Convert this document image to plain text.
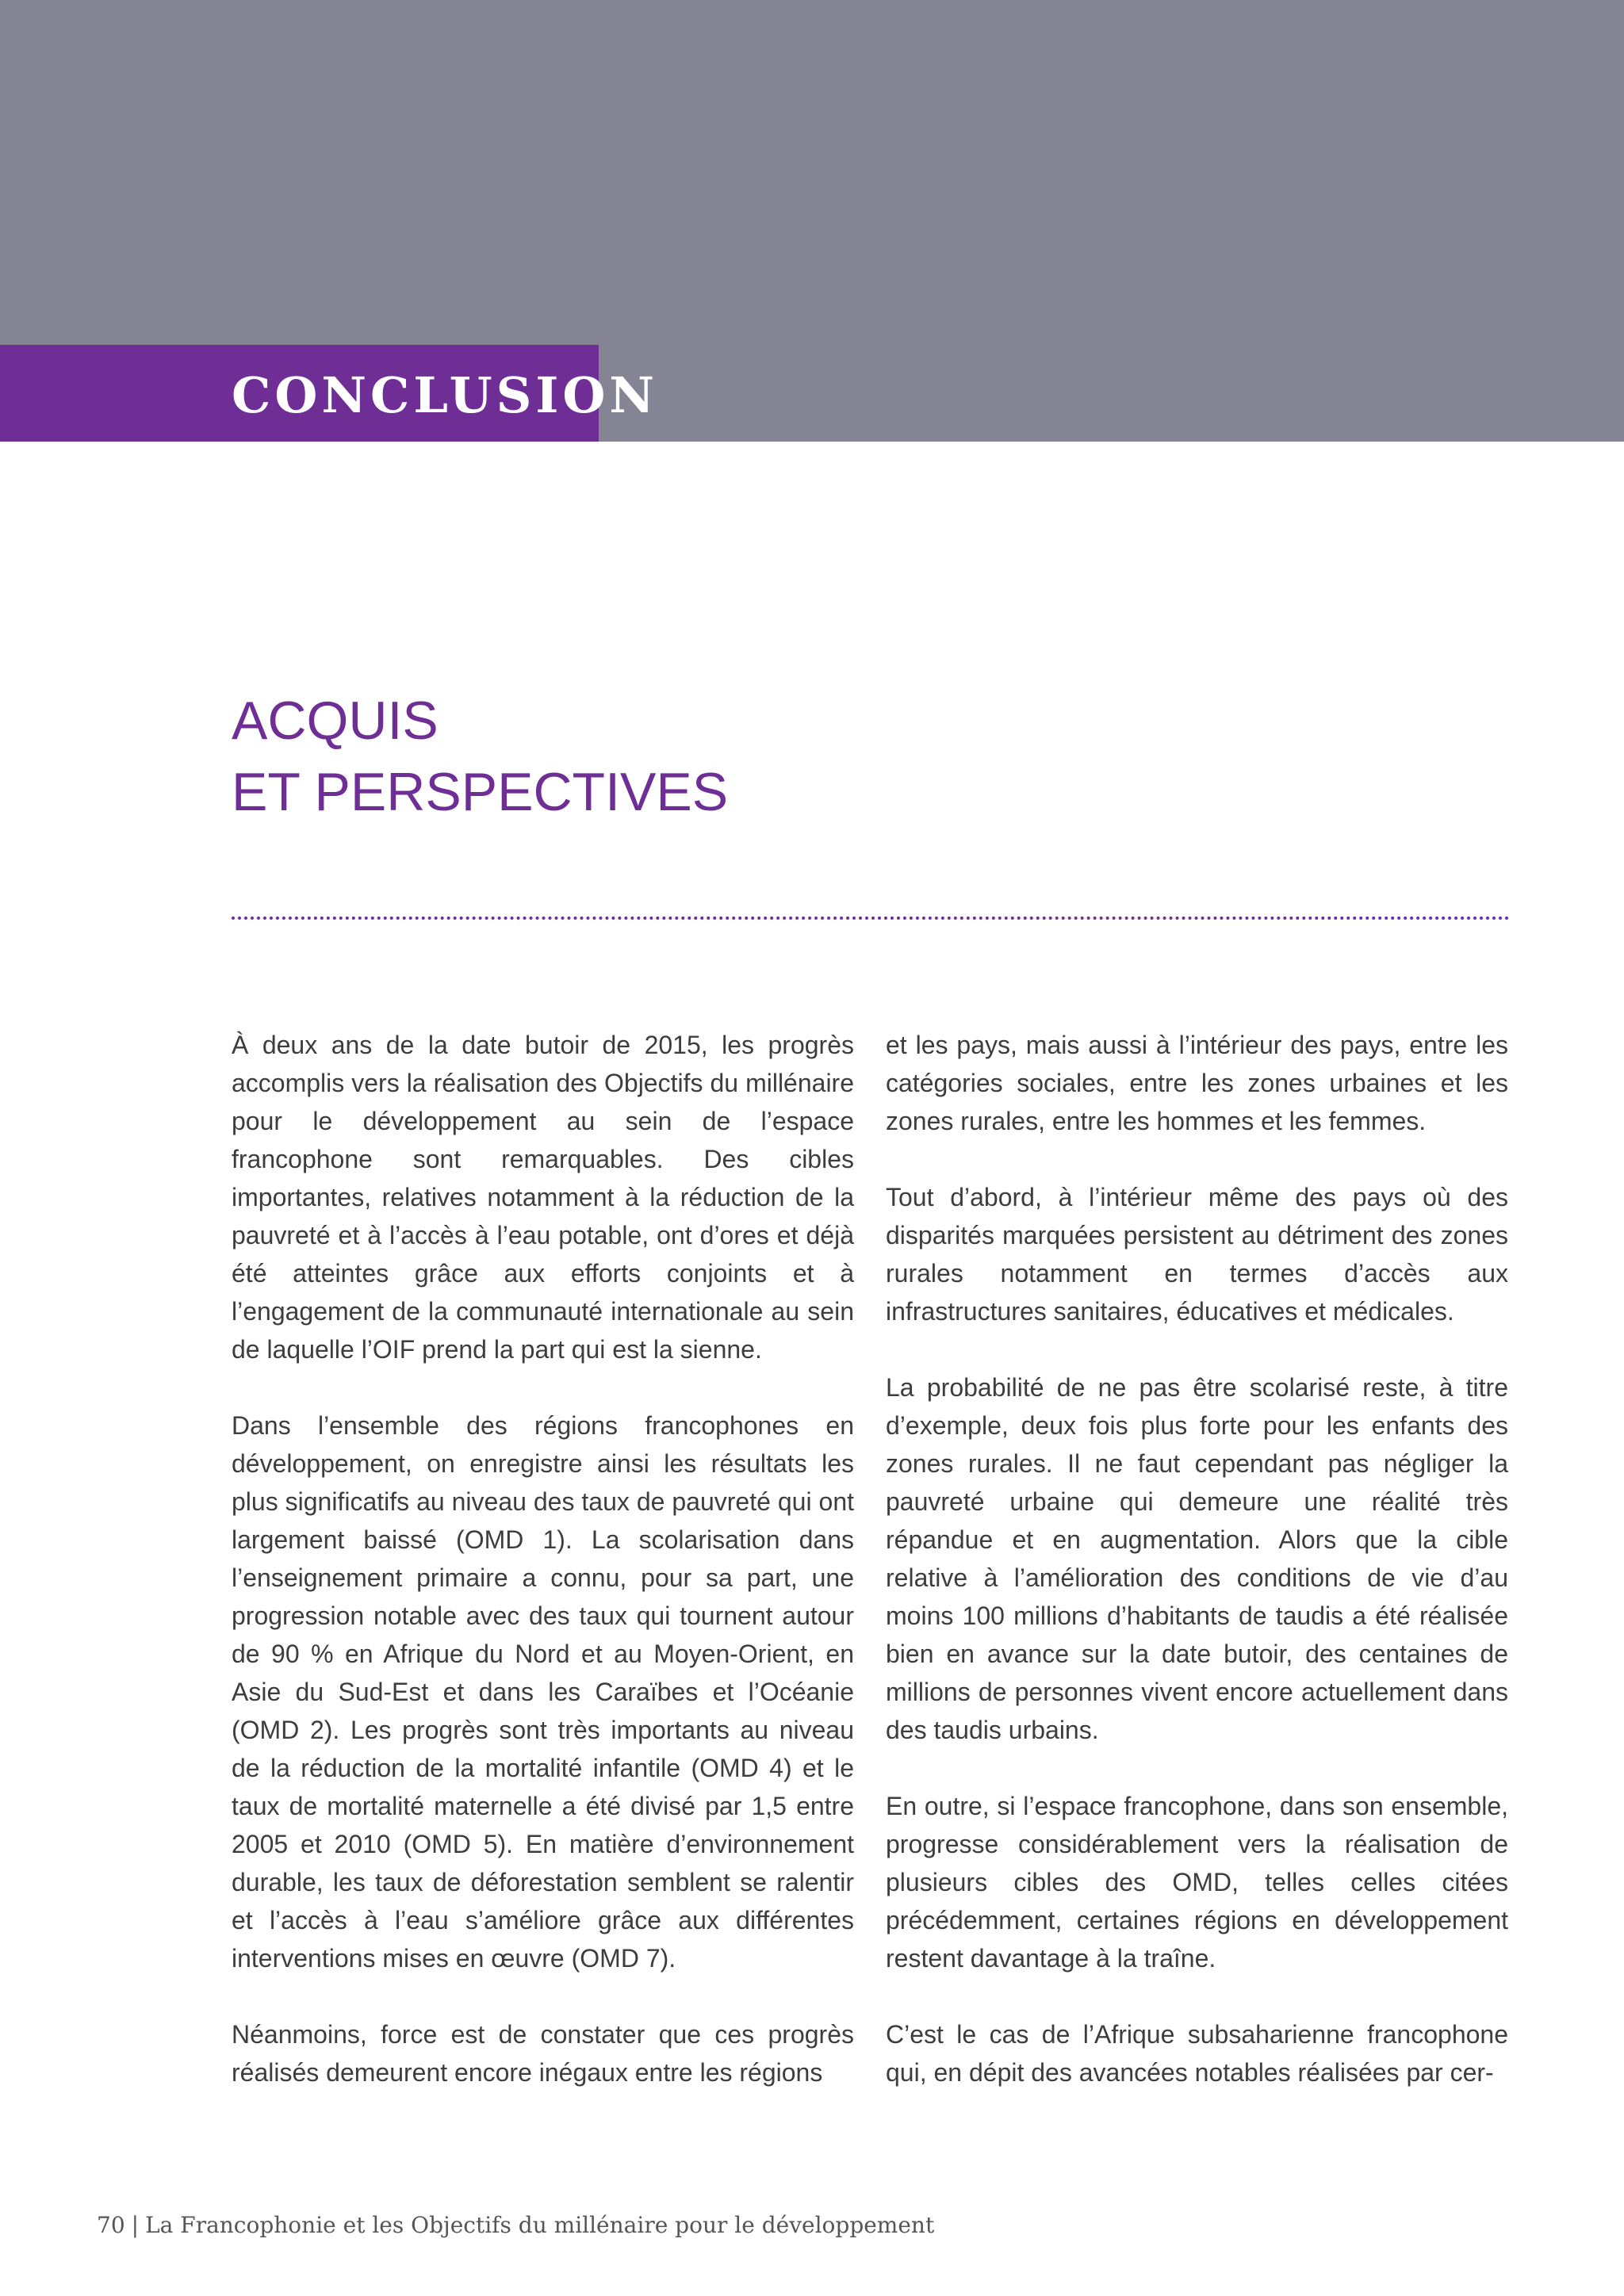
CONCLUSION
ACQUIS
ET PERSPECTIVES

À deux ans de la date butoir de 2015, les progrès accomplis vers la réalisation des Objectifs du millénaire pour le développement au sein de l’espace francophone sont remarquables. Des cibles importantes, relatives notamment à la réduction de la pauvreté et à l’accès à l’eau potable, ont d’ores et déjà été atteintes grâce aux efforts conjoints et à l’engagement de la communauté internationale au sein de laquelle l’OIF prend la part qui est la sienne.

Dans l’ensemble des régions francophones en développement, on enregistre ainsi les résultats les plus significatifs au niveau des taux de pauvreté qui ont largement baissé (OMD 1). La scolarisation dans l’enseignement primaire a connu, pour sa part, une progression notable avec des taux qui tournent autour de 90 % en Afrique du Nord et au Moyen-Orient, en Asie du Sud-Est et dans les Caraïbes et l’Océanie (OMD 2). Les progrès sont très importants au niveau de la réduction de la mortalité infantile (OMD 4) et le taux de mortalité maternelle a été divisé par 1,5 entre 2005 et 2010 (OMD 5). En matière d’environnement durable, les taux de déforestation semblent se ralentir et l’accès à l’eau s’améliore grâce aux différentes interventions mises en œuvre (OMD 7).

Néanmoins, force est de constater que ces progrès réalisés demeurent encore inégaux entre les régions

et les pays, mais aussi à l’intérieur des pays, entre les catégories sociales, entre les zones urbaines et les zones rurales, entre les hommes et les femmes.

Tout d’abord, à l’intérieur même des pays où des disparités marquées persistent au détriment des zones rurales notamment en termes d’accès aux infrastructures sanitaires, éducatives et médicales.

La probabilité de ne pas être scolarisé reste, à titre d’exemple, deux fois plus forte pour les enfants des zones rurales. Il ne faut cependant pas négliger la pauvreté urbaine qui demeure une réalité très répandue et en augmentation. Alors que la cible relative à l’amélioration des conditions de vie d’au moins 100 millions d’habitants de taudis a été réalisée bien en avance sur la date butoir, des centaines de millions de personnes vivent encore actuellement dans des taudis urbains.

En outre, si l’espace francophone, dans son ensemble, progresse considérablement vers la réalisation de plusieurs cibles des OMD, telles celles citées précédemment, certaines régions en développement restent davantage à la traîne.

C’est le cas de l’Afrique subsaharienne francophone qui, en dépit des avancées notables réalisées par cer-

70 | La Francophonie et les Objectifs du millénaire pour le développement
